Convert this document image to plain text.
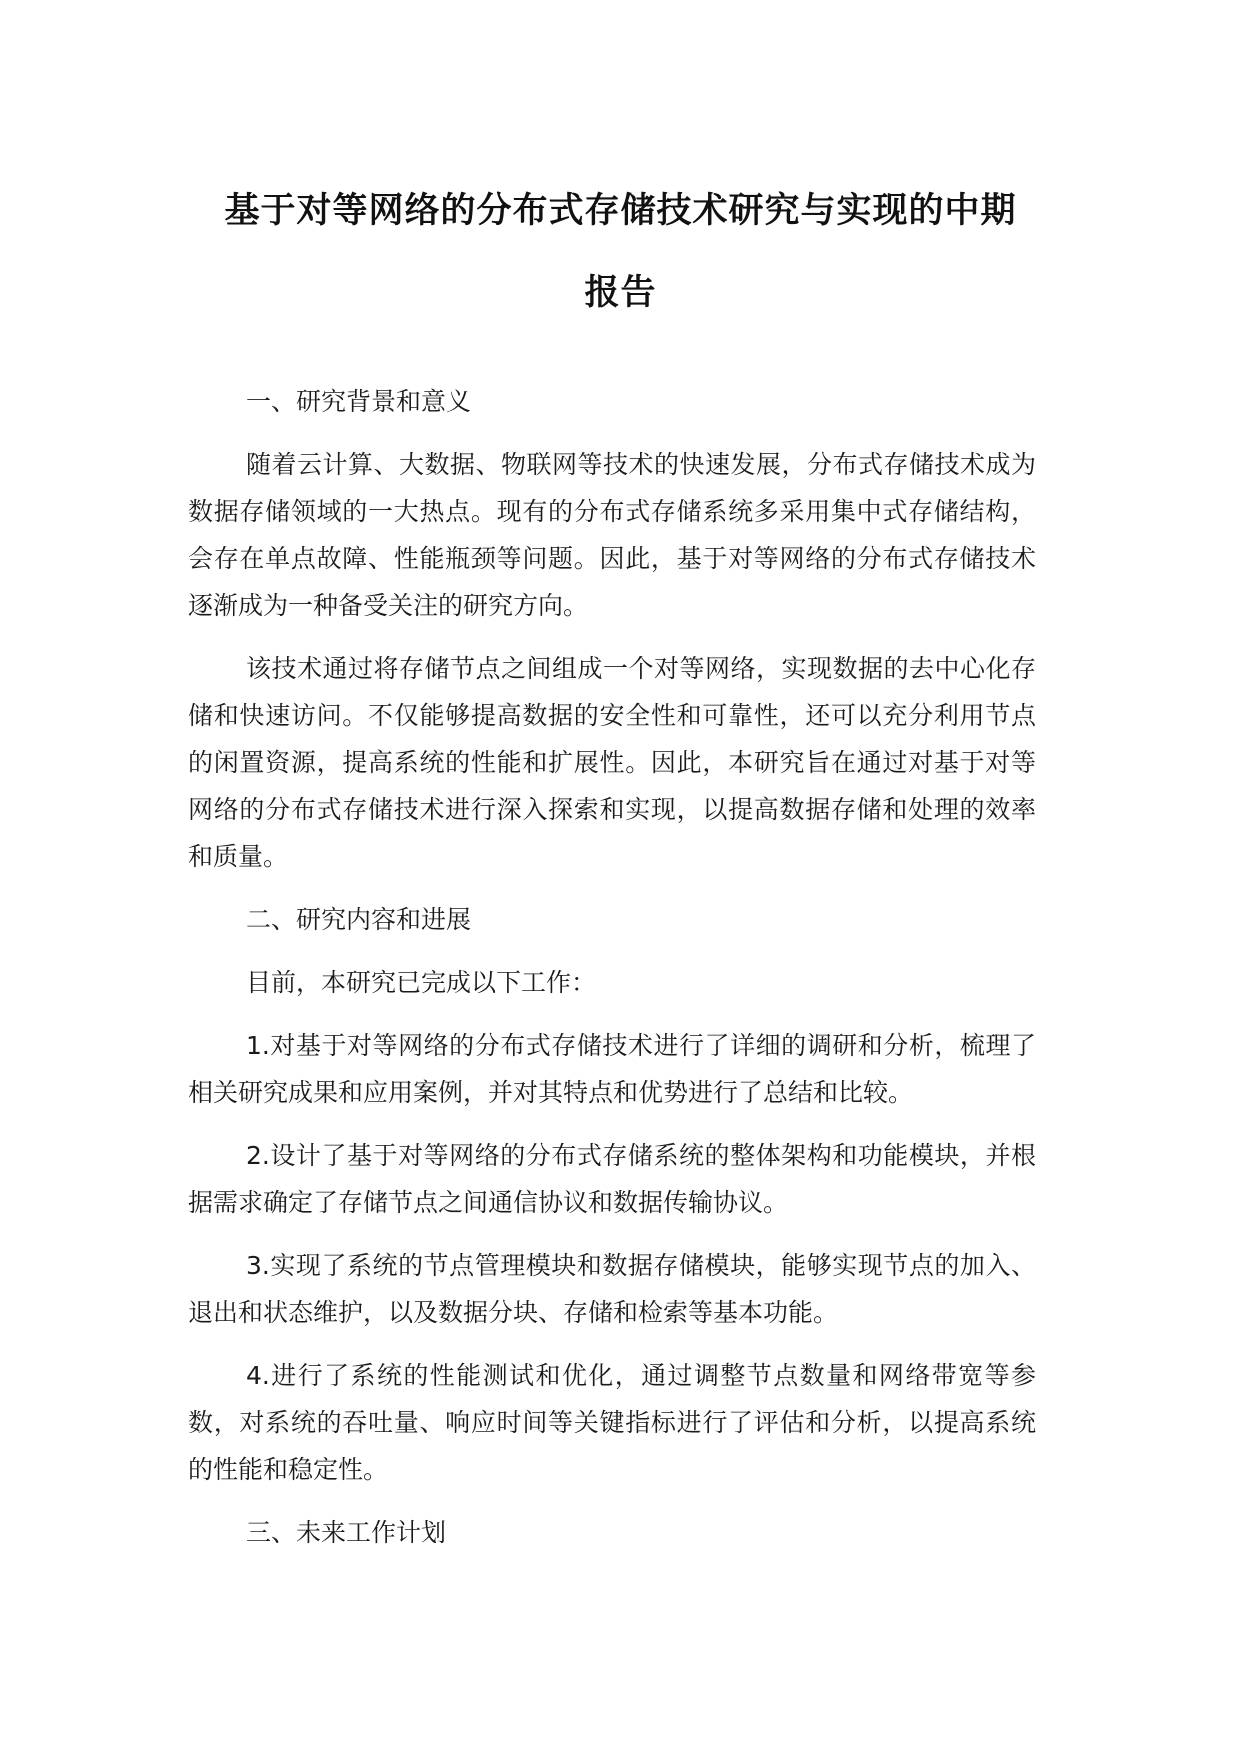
基于对等网络的分布式存储技术研究与实现的中期
报告

一、研究背景和意义

随着云计算、大数据、物联网等技术的快速发展，分布式存储技术成为数据存储领域的一大热点。现有的分布式存储系统多采用集中式存储结构，会存在单点故障、性能瓶颈等问题。因此，基于对等网络的分布式存储技术逐渐成为一种备受关注的研究方向。

该技术通过将存储节点之间组成一个对等网络，实现数据的去中心化存储和快速访问。不仅能够提高数据的安全性和可靠性，还可以充分利用节点的闲置资源，提高系统的性能和扩展性。因此，本研究旨在通过对基于对等网络的分布式存储技术进行深入探索和实现，以提高数据存储和处理的效率和质量。

二、研究内容和进展

目前，本研究已完成以下工作：

1.对基于对等网络的分布式存储技术进行了详细的调研和分析，梳理了相关研究成果和应用案例，并对其特点和优势进行了总结和比较。

2.设计了基于对等网络的分布式存储系统的整体架构和功能模块，并根据需求确定了存储节点之间通信协议和数据传输协议。

3.实现了系统的节点管理模块和数据存储模块，能够实现节点的加入、退出和状态维护，以及数据分块、存储和检索等基本功能。

4.进行了系统的性能测试和优化，通过调整节点数量和网络带宽等参数，对系统的吞吐量、响应时间等关键指标进行了评估和分析，以提高系统的性能和稳定性。

三、未来工作计划
